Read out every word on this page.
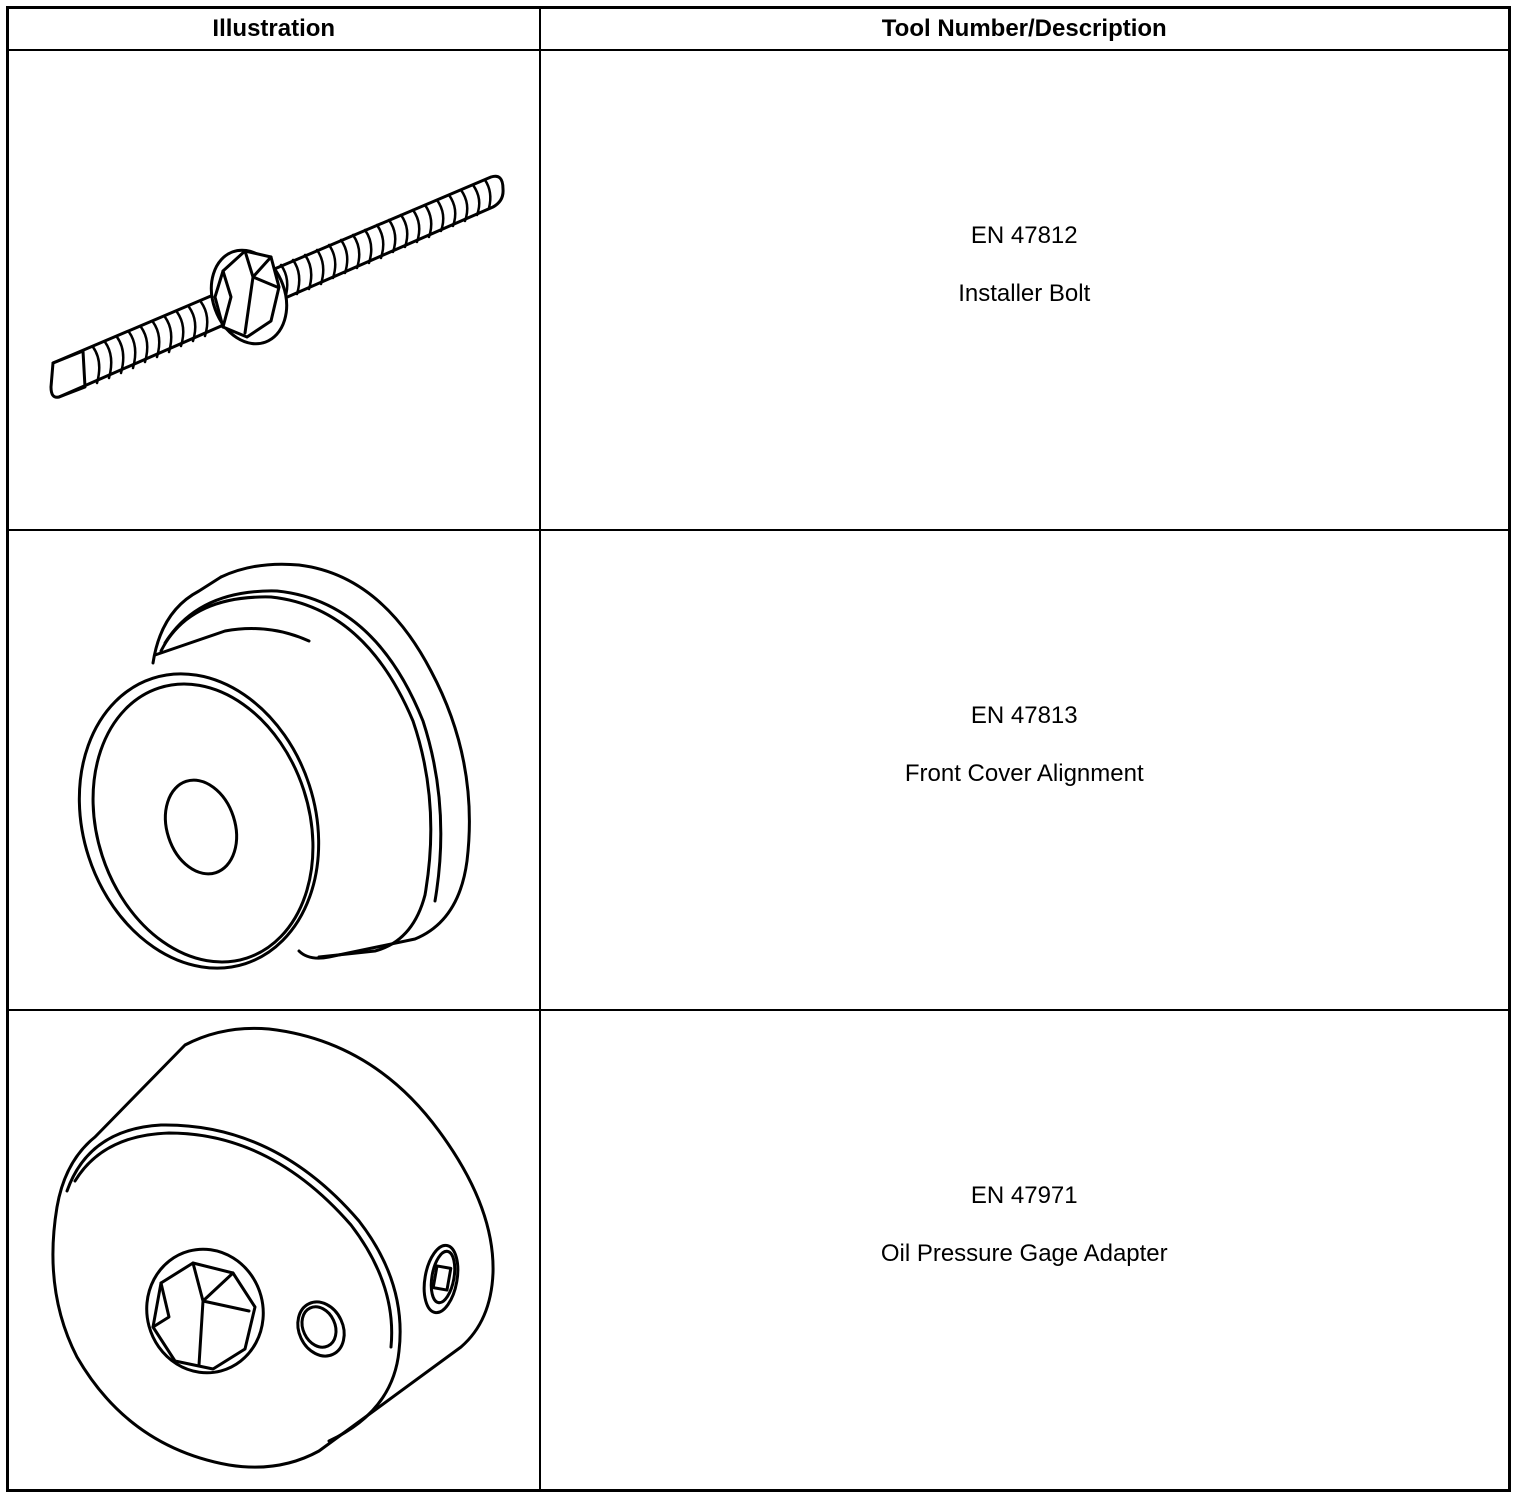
Illustration	Tool Number/Description

EN 47812
Installer Bolt

EN 47813
Front Cover Alignment

EN 47971
Oil Pressure Gage Adapter
